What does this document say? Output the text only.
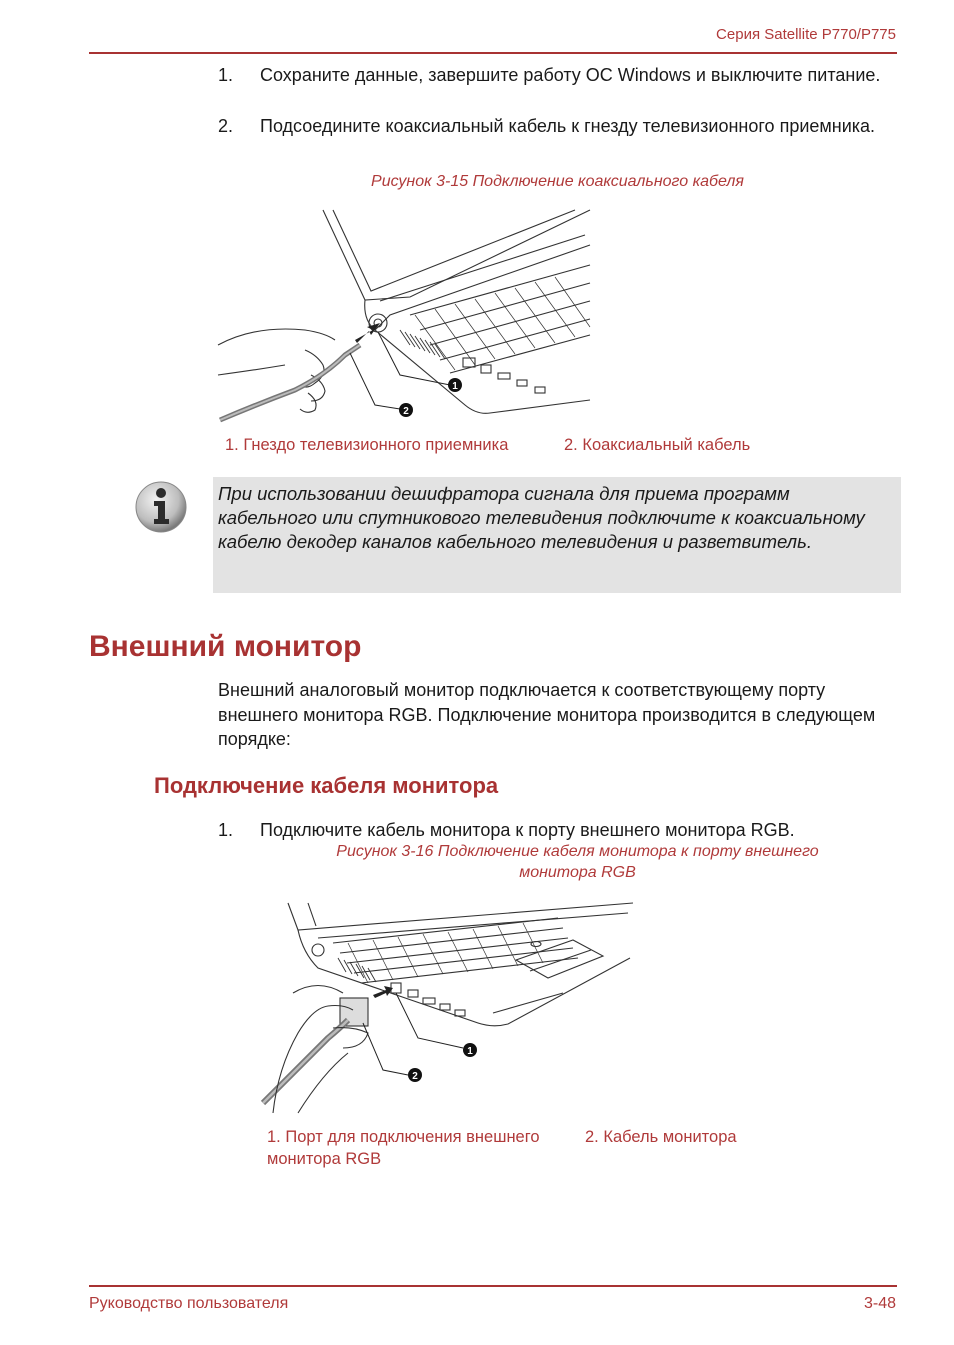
Серия Satellite P770/P775
1. Сохраните данные, завершите работу ОС Windows и выключите питание.
2. Подсоедините коаксиальный кабель к гнезду телевизионного приемника.
Рисунок 3-15 Подключение коаксиального кабеля
1
2
1. Гнездо телевизионного приемника	2. Коаксиальный кабель
При использовании дешифратора сигнала для приема программ кабельного или спутникового телевидения подключите к коаксиальному кабелю декодер каналов кабельного телевидения и разветвитель.
Внешний монитор
Внешний аналоговый монитор подключается к соответствующему порту внешнего монитора RGB. Подключение монитора производится в следующем порядке:
Подключение кабеля монитора
1. Подключите кабель монитора к порту внешнего монитора RGB.
Рисунок 3-16 Подключение кабеля монитора к порту внешнего
монитора RGB
1
2
1. Порт для подключения внешнего
монитора RGB
2. Кабель монитора
Руководство пользователя	3-48
